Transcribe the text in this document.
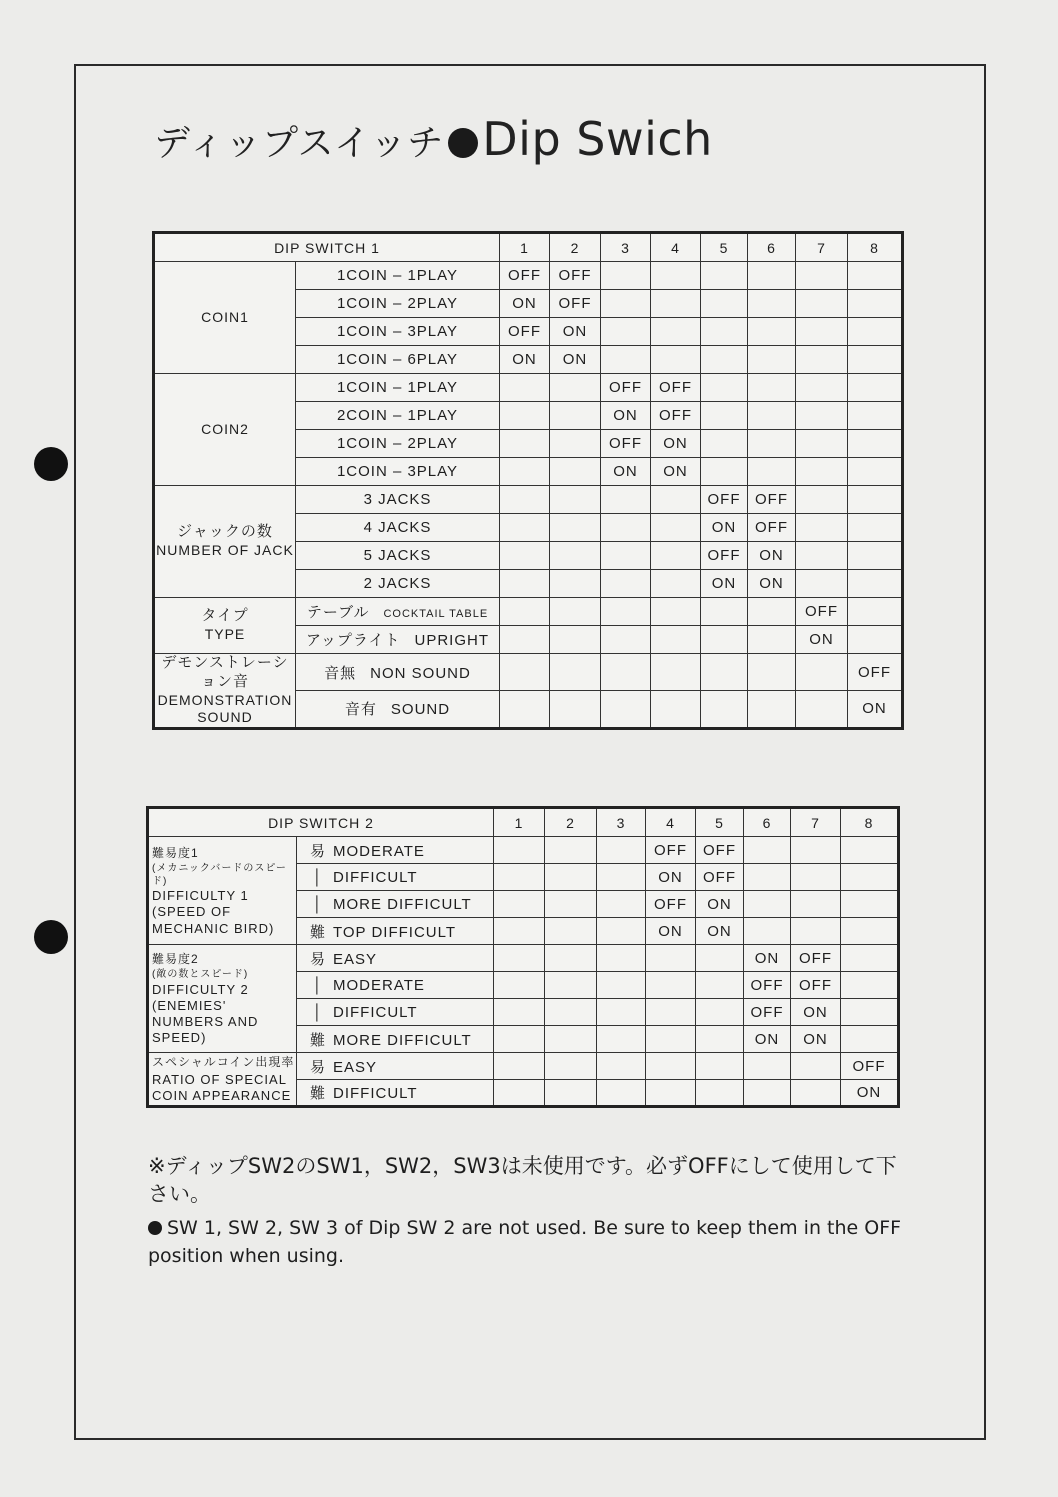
ディップスイッチ Dip Swich
DIP SWITCH 1		1	2	3	4	5	6	7	8

COIN1	1COIN – 1PLAY	OFF	OFF						
	1COIN – 2PLAY	ON	OFF						
	1COIN – 3PLAY	OFF	ON						
	1COIN – 6PLAY	ON	ON						

COIN2	1COIN – 1PLAY			OFF	OFF				
	2COIN – 1PLAY			ON	OFF				
	1COIN – 2PLAY			OFF	ON				
	1COIN – 3PLAY			ON	ON				
ジャックの数

NUMBER OF JACK	3 JACKS					OFF	OFF		
	4 JACKS					ON	OFF		
	5 JACKS					OFF	ON		
	2 JACKS					ON	ON		
タイプ

TYPE	テーブル COCKTAIL TABLE							OFF	
	アップライト UPRIGHT							ON	
デモンストレーション音

DEMONSTRATION SOUND	音無 NON SOUND								OFF
	音有 SOUND								ON
DIP SWITCH 2		1	2	3	4	5	6	7	8
難易度1

(メカニックバードのスピード)
DIFFICULTY 1 (SPEED OF MECHANIC BIRD)	易 MODERATE				OFF	OFF			
	│ DIFFICULT				ON	OFF			
	│ MORE DIFFICULT				OFF	ON			
	難 TOP DIFFICULT				ON	ON			
難易度2

(敵の数とスピード)
DIFFICULTY 2 (ENEMIES' NUMBERS AND SPEED)	易 EASY						ON	OFF	
	│ MODERATE						OFF	OFF	
	│ DIFFICULT						OFF	ON	
	難 MORE DIFFICULT						ON	ON	
スペシャルコイン出現率

RATIO OF SPECIAL COIN APPEARANCE	易 EASY								OFF
	難 DIFFICULT								ON

※ディップSW2のSW1，SW2，SW3は未使用です。必ずOFFにして使用して下さい。

SW 1, SW 2, SW 3 of Dip SW 2 are not used. Be sure to keep them in the OFF position when using.
